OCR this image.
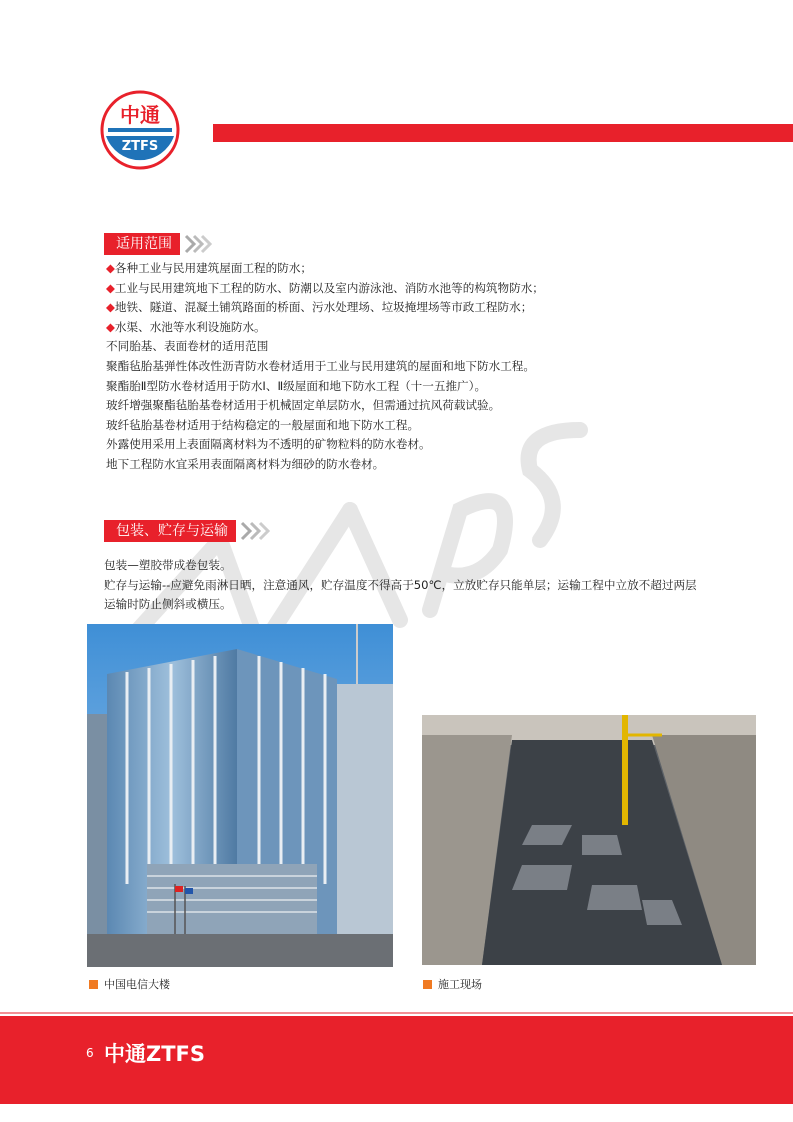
中通
ZTFS
适用范围

◆各种工业与民用建筑屋面工程的防水；

◆工业与民用建筑地下工程的防水、防潮以及室内游泳池、消防水池等的构筑物防水；

◆地铁、隧道、混凝土铺筑路面的桥面、污水处理场、垃圾掩埋场等市政工程防水；

◆水渠、水池等水利设施防水。

不同胎基、表面卷材的适用范围

聚酯毡胎基弹性体改性沥青防水卷材适用于工业与民用建筑的屋面和地下防水工程。

聚酯胎Ⅱ型防水卷材适用于防水Ⅰ、Ⅱ级屋面和地下防水工程（十一五推广）。

玻纤增强聚酯毡胎基卷材适用于机械固定单层防水，但需通过抗风荷载试验。

玻纤毡胎基卷材适用于结构稳定的一般屋面和地下防水工程。

外露使用采用上表面隔离材料为不透明的矿物粒料的防水卷材。

地下工程防水宜采用表面隔离材料为细砂的防水卷材。

包装、贮存与运输

包装—塑胶带成卷包装。

贮存与运输--应避免雨淋日晒，注意通风，贮存温度不得高于50℃，立放贮存只能单层；运输工程中立放不超过两层

运输时防止侧斜或横压。

中国电信大楼	施工现场
6 中通ZTFS
